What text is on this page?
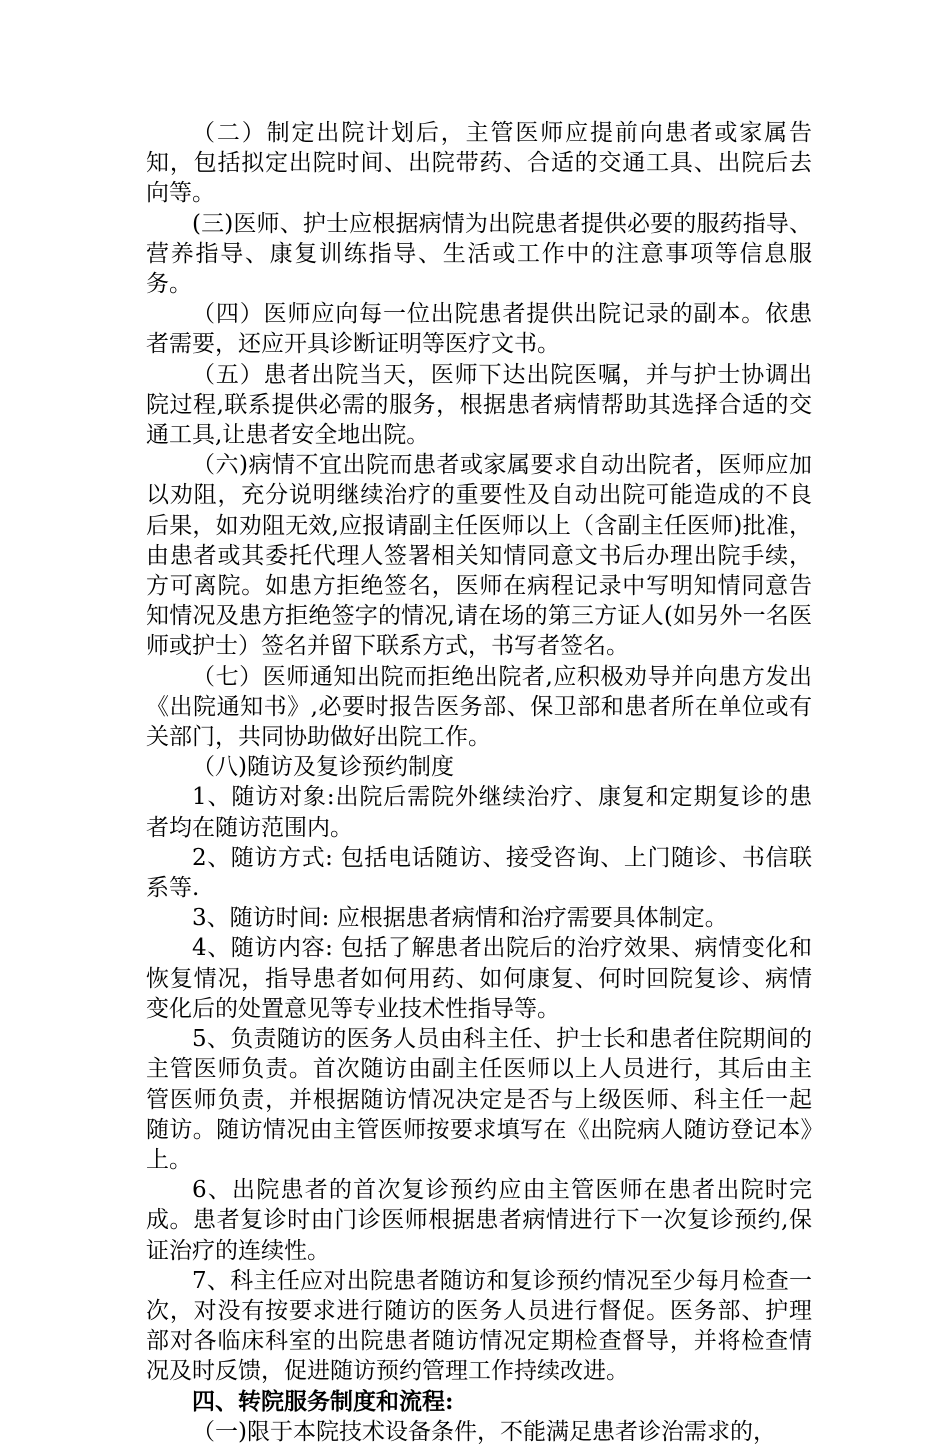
（二）制定出院计划后，主管医师应提前向患者或家属告知，包括拟定出院时间、出院带药、合适的交通工具、出院后去向等。

(三)医师、护士应根据病情为出院患者提供必要的服药指导、营养指导、康复训练指导、生活或工作中的注意事项等信息服务。

（四）医师应向每一位出院患者提供出院记录的副本。依患者需要，还应开具诊断证明等医疗文书。

（五）患者出院当天，医师下达出院医嘱，并与护士协调出院过程,联系提供必需的服务，根据患者病情帮助其选择合适的交通工具,让患者安全地出院。

（六)病情不宜出院而患者或家属要求自动出院者，医师应加以劝阻，充分说明继续治疗的重要性及自动出院可能造成的不良后果，如劝阻无效,应报请副主任医师以上（含副主任医师)批准，由患者或其委托代理人签署相关知情同意文书后办理出院手续，方可离院。如患方拒绝签名，医师在病程记录中写明知情同意告知情况及患方拒绝签字的情况,请在场的第三方证人(如另外一名医师或护士）签名并留下联系方式，书写者签名。

（七）医师通知出院而拒绝出院者,应积极劝导并向患方发出《出院通知书》,必要时报告医务部、保卫部和患者所在单位或有关部门，共同协助做好出院工作。

（八)随访及复诊预约制度

1、随访对象:出院后需院外继续治疗、康复和定期复诊的患者均在随访范围内。

2、随访方式: 包括电话随访、接受咨询、上门随诊、书信联系等.

3、随访时间: 应根据患者病情和治疗需要具体制定。

4、随访内容: 包括了解患者出院后的治疗效果、病情变化和恢复情况，指导患者如何用药、如何康复、何时回院复诊、病情变化后的处置意见等专业技术性指导等。

5、负责随访的医务人员由科主任、护士长和患者住院期间的主管医师负责。首次随访由副主任医师以上人员进行，其后由主管医师负责，并根据随访情况决定是否与上级医师、科主任一起随访。随访情况由主管医师按要求填写在《出院病人随访登记本》上。

6、出院患者的首次复诊预约应由主管医师在患者出院时完成。患者复诊时由门诊医师根据患者病情进行下一次复诊预约,保证治疗的连续性。

7、科主任应对出院患者随访和复诊预约情况至少每月检查一次，对没有按要求进行随访的医务人员进行督促。医务部、护理部对各临床科室的出院患者随访情况定期检查督导，并将检查情况及时反馈，促进随访预约管理工作持续改进。

四、转院服务制度和流程:

（一)限于本院技术设备条件，不能满足患者诊治需求的，
